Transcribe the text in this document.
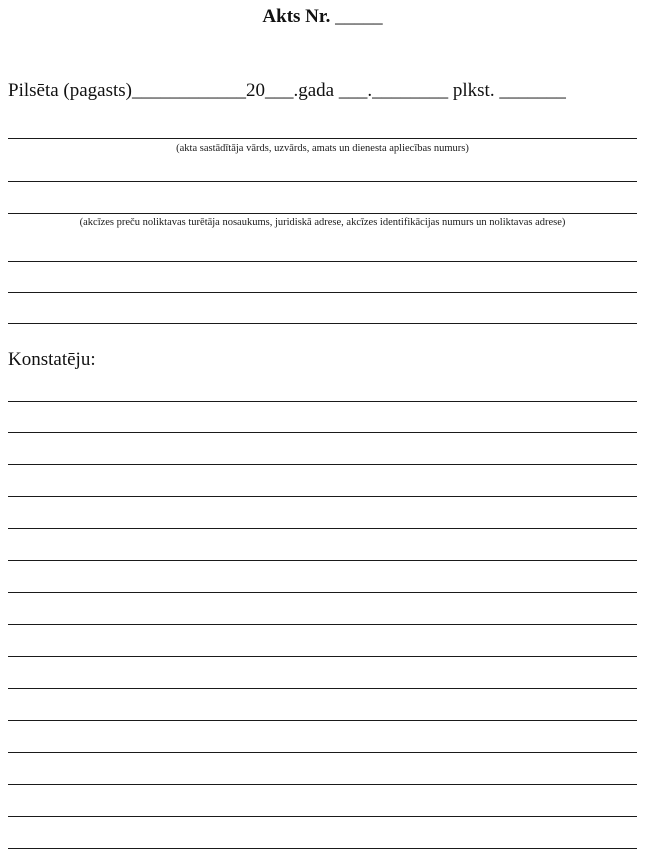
Akts Nr. _____
Pilsēta (pagasts)____________20___.gada ___.________ plkst. _______
(akta sastādītāja vārds, uzvārds, amats un dienesta apliecības numurs)
(akcīzes preču noliktavas turētāja nosaukums, juridiskā adrese, akcīzes identifikācijas numurs un noliktavas adrese)
Konstatēju:
